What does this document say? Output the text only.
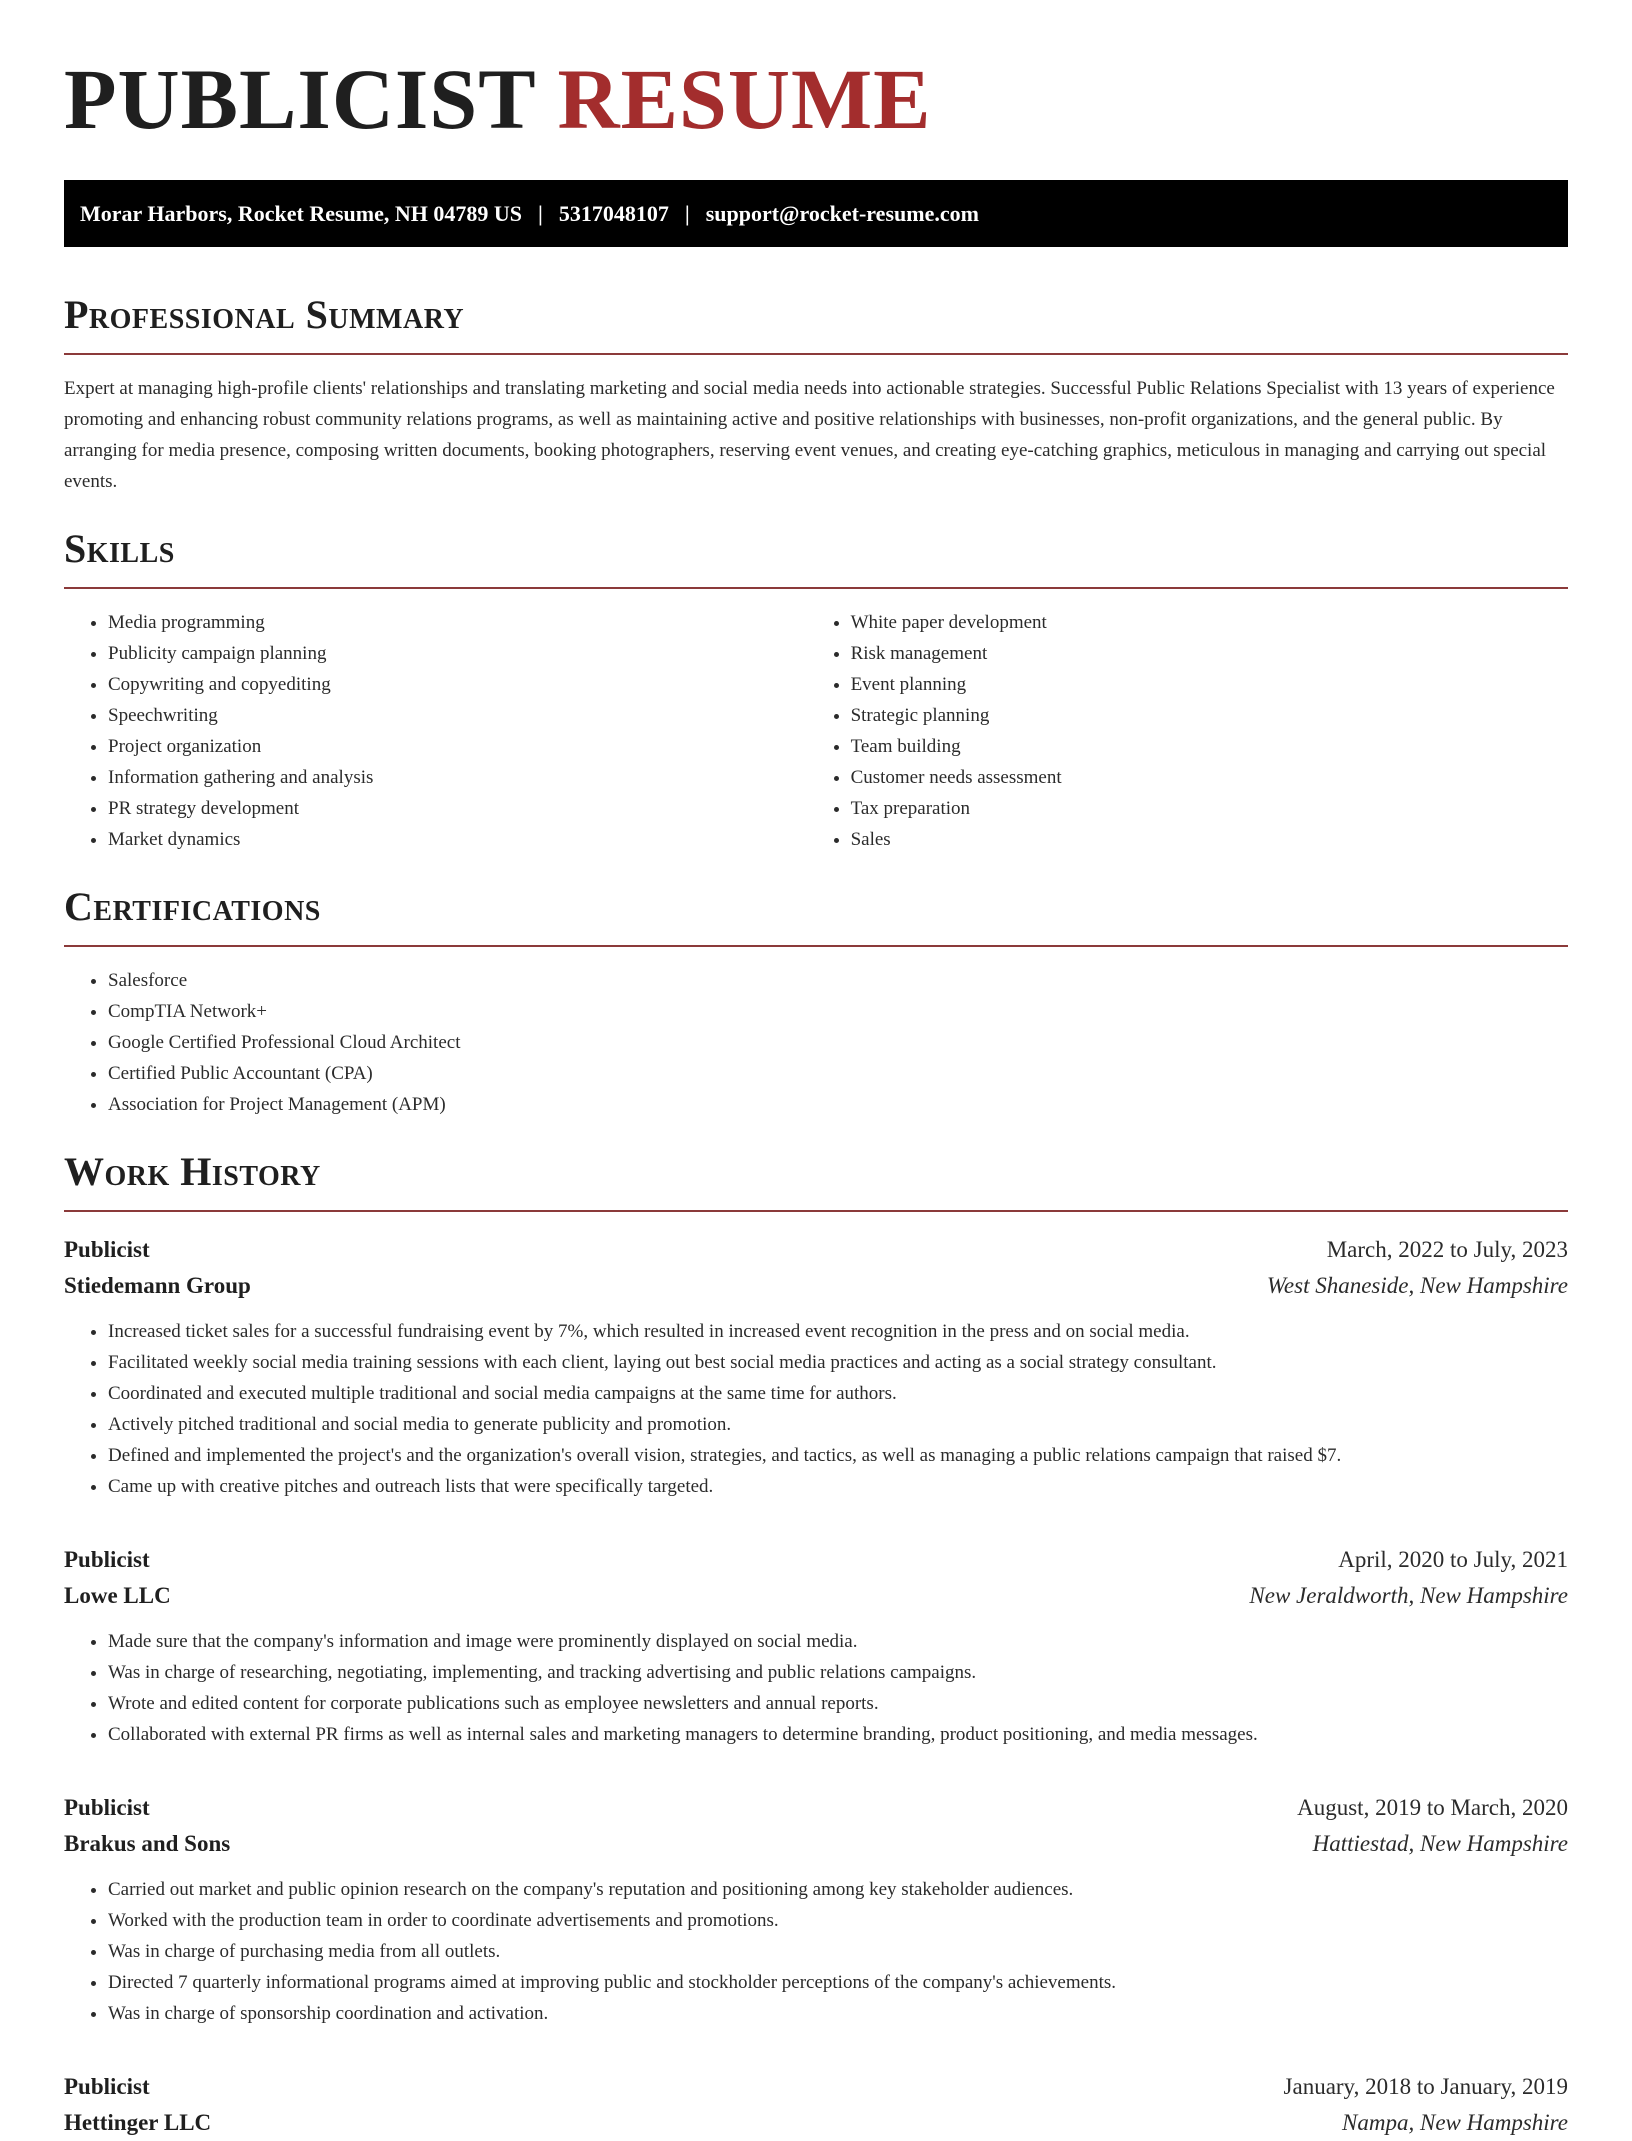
PUBLICIST RESUME
Morar Harbors, Rocket Resume, NH 04789 US | 5317048107 | support@rocket-resume.com
Professional Summary

Expert at managing high-profile clients' relationships and translating marketing and social media needs into actionable strategies. Successful Public Relations Specialist with 13 years of experience promoting and enhancing robust community relations programs, as well as maintaining active and positive relationships with businesses, non-profit organizations, and the general public. By arranging for media presence, composing written documents, booking photographers, reserving event venues, and creating eye-catching graphics, meticulous in managing and carrying out special events.

Skills
• Media programming
• Publicity campaign planning
• Copywriting and copyediting
• Speechwriting
• Project organization
• Information gathering and analysis
• PR strategy development
• Market dynamics
• White paper development
• Risk management
• Event planning
• Strategic planning
• Team building
• Customer needs assessment
• Tax preparation
• Sales
Certifications
• Salesforce
• CompTIA Network+
• Google Certified Professional Cloud Architect
• Certified Public Accountant (CPA)
• Association for Project Management (APM)
Work History
Publicist	March, 2022 to July, 2023
Stiedemann Group	West Shaneside, New Hampshire
• Increased ticket sales for a successful fundraising event by 7%, which resulted in increased event recognition in the press and on social media.
• Facilitated weekly social media training sessions with each client, laying out best social media practices and acting as a social strategy consultant.
• Coordinated and executed multiple traditional and social media campaigns at the same time for authors.
• Actively pitched traditional and social media to generate publicity and promotion.
• Defined and implemented the project's and the organization's overall vision, strategies, and tactics, as well as managing a public relations campaign that raised $7.
• Came up with creative pitches and outreach lists that were specifically targeted.
Publicist	April, 2020 to July, 2021
Lowe LLC	New Jeraldworth, New Hampshire
• Made sure that the company's information and image were prominently displayed on social media.
• Was in charge of researching, negotiating, implementing, and tracking advertising and public relations campaigns.
• Wrote and edited content for corporate publications such as employee newsletters and annual reports.
• Collaborated with external PR firms as well as internal sales and marketing managers to determine branding, product positioning, and media messages.
Publicist	August, 2019 to March, 2020
Brakus and Sons	Hattiestad, New Hampshire
• Carried out market and public opinion research on the company's reputation and positioning among key stakeholder audiences.
• Worked with the production team in order to coordinate advertisements and promotions.
• Was in charge of purchasing media from all outlets.
• Directed 7 quarterly informational programs aimed at improving public and stockholder perceptions of the company's achievements.
• Was in charge of sponsorship coordination and activation.
Publicist	January, 2018 to January, 2019
Hettinger LLC	Nampa, New Hampshire
